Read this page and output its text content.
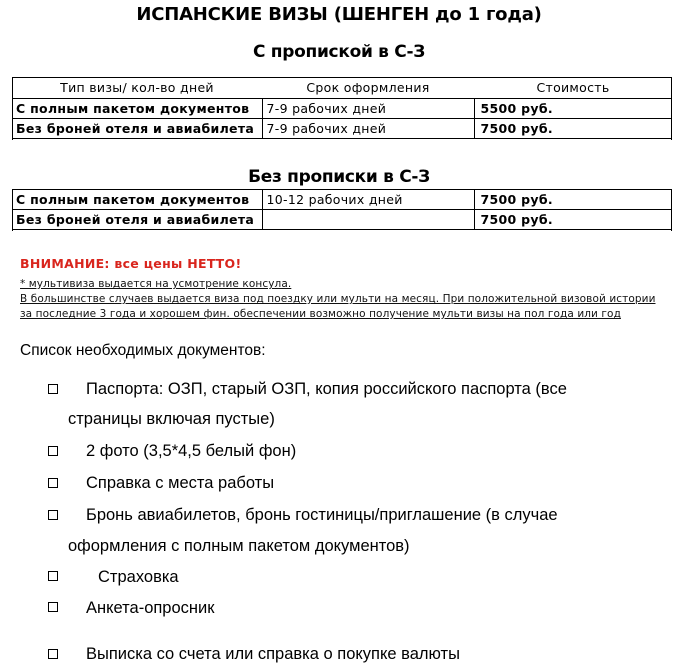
ИСПАНСКИЕ ВИЗЫ (ШЕНГЕН до 1 года)
С пропиской в С-З
Тип визы/ кол-во дней	Срок оформления	Стоимость
С полным пакетом документов	7-9 рабочих дней	5500 руб.
Без броней отеля и авиабилета	7-9 рабочих дней	7500 руб.
Без прописки в С-З
С полным пакетом документов	10-12 рабочих дней	7500 руб.
Без броней отеля и авиабилета		7500 руб.
ВНИМАНИЕ: все цены НЕТТО!
* мультивиза выдается на усмотрение консула.
В большинстве случаев выдается виза под поездку или мульти на месяц. При положительной визовой истории за последние 3 года и хорошем фин. обеспечении возможно получение мульти визы на пол года или год
Список необходимых документов:
Паспорта: ОЗП, старый ОЗП, копия российского паспорта (все
страницы включая пустые)
2 фото (3,5*4,5 белый фон)
Справка с места работы
Бронь авиабилетов, бронь гостиницы/приглашение (в случае
оформления с полным пакетом документов)
Страховка
Анкета-опросник
Выписка со счета или справка о покупке валюты
